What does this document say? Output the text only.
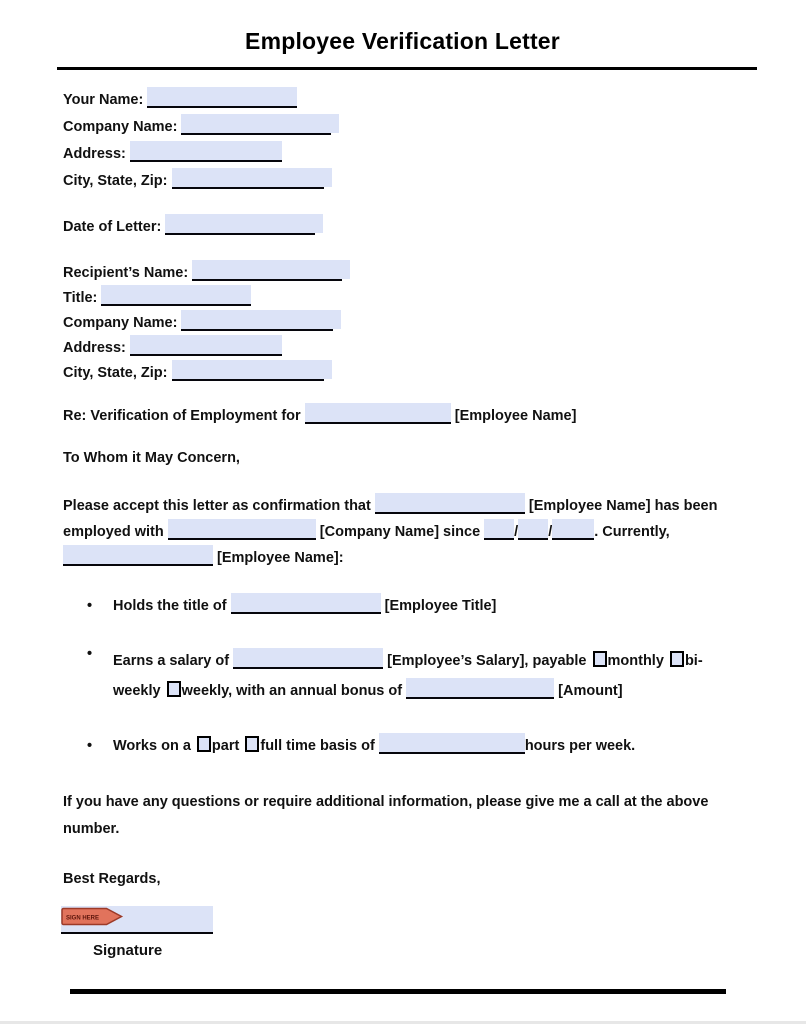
Employee Verification Letter
Your Name:
Company Name:
Address:
City, State, Zip:
Date of Letter:
Recipient’s Name:
Title:
Company Name:
Address:
City, State, Zip:
Re: Verification of Employment for	[Employee Name]
To Whom it May Concern,
Please accept this letter as confirmation that	[Employee Name] has been
employed with	[Company Name] since / /	. Currently,
[Employee Name]:
• Holds the title of	[Employee Title]
• Earns a salary of	[Employee’s Salary], payable monthly bi-
weekly weekly, with an annual bonus of	[Amount]
• Works on a part full time basis of	hours per week.
If you have any questions or require additional information, please give me a call at the above
number.
Best Regards,
SIGN HERE
Signature
